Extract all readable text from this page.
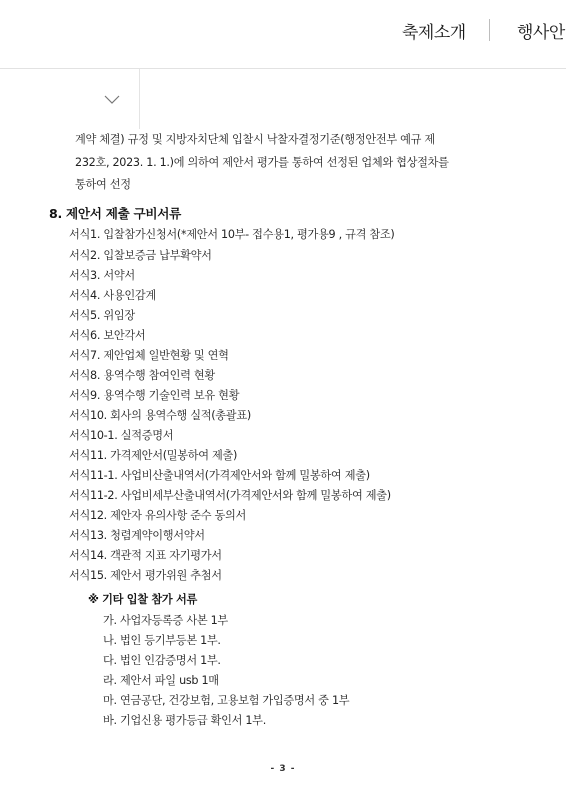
축제소개	행사안
계약 체결) 규정 및 지방자치단체 입찰시 낙찰자결정기준(행정안전부 예규 제
232호, 2023. 1. 1.)에 의하여 제안서 평가를 통하여 선정된 업체와 협상절차를
통하여 선정
8. 제안서 제출 구비서류
서식1. 입찰참가신청서(*제안서 10부- 접수용1, 평가용9 , 규격 참조)
서식2. 입찰보증금 납부확약서
서식3. 서약서
서식4. 사용인감계
서식5. 위임장
서식6. 보안각서
서식7. 제안업체 일반현황 및 연혁
서식8. 용역수행 참여인력 현황
서식9. 용역수행 기술인력 보유 현황
서식10. 회사의 용역수행 실적(총괄표)
서식10-1. 실적증명서
서식11. 가격제안서(밀봉하여 제출)
서식11-1. 사업비산출내역서(가격제안서와 함께 밀봉하여 제출)
서식11-2. 사업비세부산출내역서(가격제안서와 함께 밀봉하여 제출)
서식12. 제안자 유의사항 준수 동의서
서식13. 청렴계약이행서약서
서식14. 객관적 지표 자기평가서
서식15. 제안서 평가위원 추첨서
※ 기타 입찰 참가 서류
가. 사업자등록증 사본 1부
나. 법인 등기부등본 1부.
다. 법인 인감증명서 1부.
라. 제안서 파일 usb 1매
마. 연금공단, 건강보험, 고용보험 가입증명서 중 1부
바. 기업신용 평가등급 확인서 1부.
- 3 -
